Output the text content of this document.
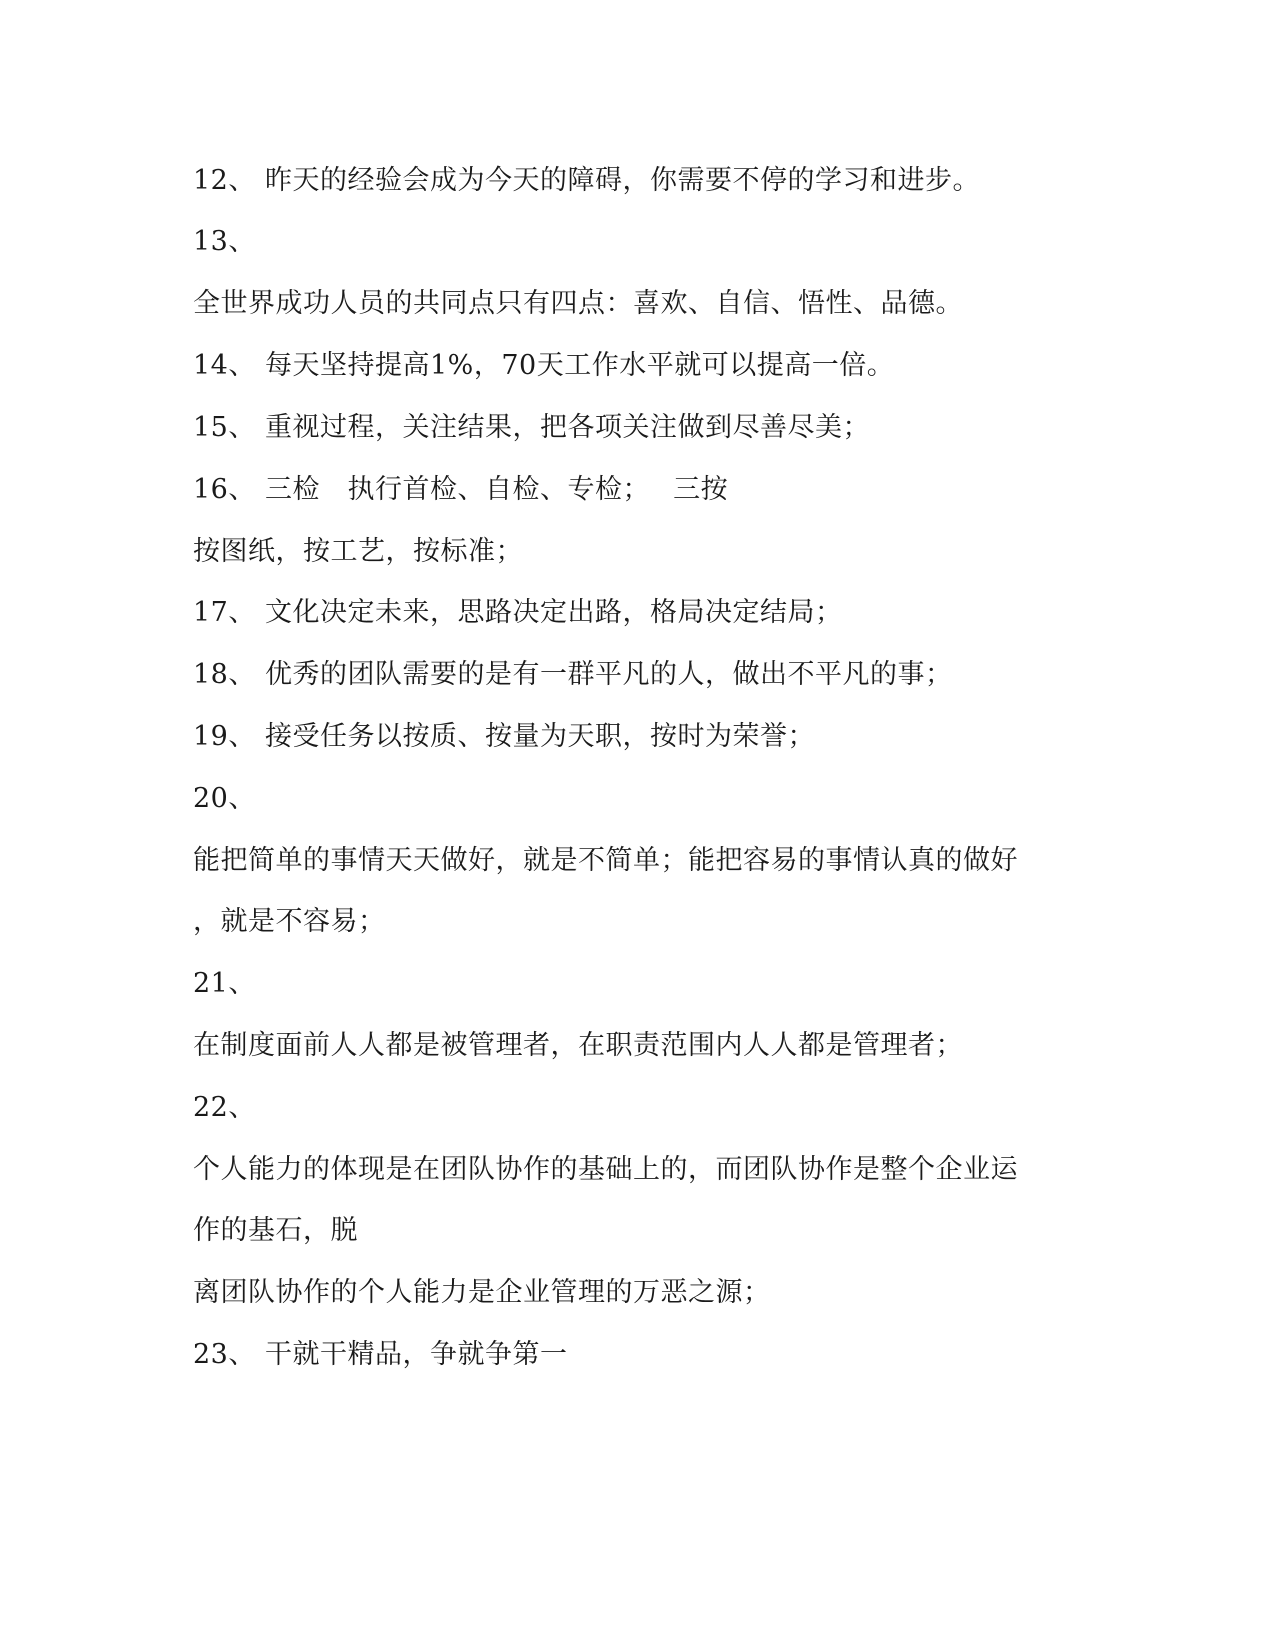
12、 昨天的经验会成为今天的障碍，你需要不停的学习和进步。
13、
全世界成功人员的共同点只有四点：喜欢、自信、悟性、品德。
14、 每天坚持提高1%，70天工作水平就可以提高一倍。
15、 重视过程，关注结果，把各项关注做到尽善尽美；
16、 三检　执行首检、自检、专检；　 三按
按图纸，按工艺，按标准；
17、 文化决定未来，思路决定出路，格局决定结局；
18、 优秀的团队需要的是有一群平凡的人，做出不平凡的事；
19、 接受任务以按质、按量为天职，按时为荣誉；
20、
能把简单的事情天天做好，就是不简单；能把容易的事情认真的做好
，就是不容易；
21、
在制度面前人人都是被管理者，在职责范围内人人都是管理者；
22、
个人能力的体现是在团队协作的基础上的，而团队协作是整个企业运
作的基石，脱
离团队协作的个人能力是企业管理的万恶之源；
23、 干就干精品，争就争第一
